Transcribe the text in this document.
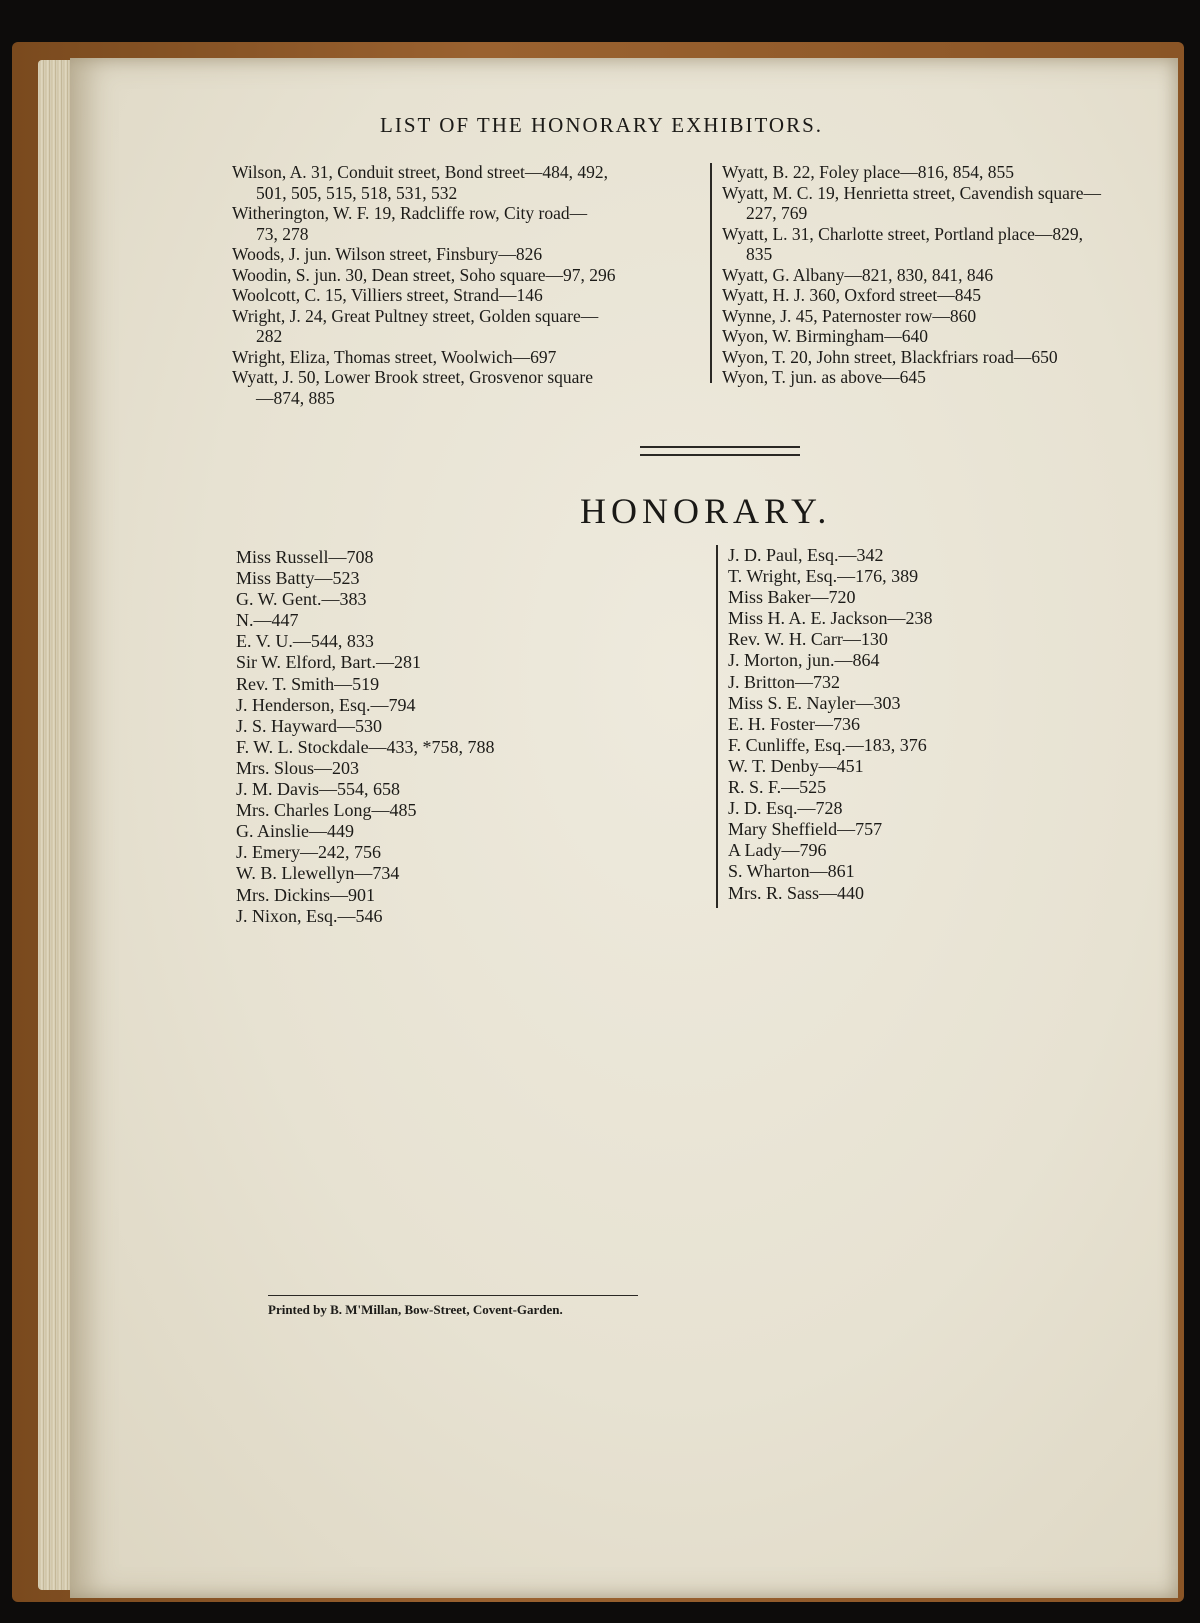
LIST OF THE HONORARY EXHIBITORS.
Wilson, A. 31, Conduit street, Bond street—484, 492,
501, 505, 515, 518, 531, 532
Witherington, W. F. 19, Radcliffe row, City road—
73, 278
Woods, J. jun. Wilson street, Finsbury—826
Woodin, S. jun. 30, Dean street, Soho square—97, 296
Woolcott, C. 15, Villiers street, Strand—146
Wright, J. 24, Great Pultney street, Golden square—
282
Wright, Eliza, Thomas street, Woolwich—697
Wyatt, J. 50, Lower Brook street, Grosvenor square
—874, 885
Wyatt, B. 22, Foley place—816, 854, 855
Wyatt, M. C. 19, Henrietta street, Cavendish square—
227, 769
Wyatt, L. 31, Charlotte street, Portland place—829,
835
Wyatt, G. Albany—821, 830, 841, 846
Wyatt, H. J. 360, Oxford street—845
Wynne, J. 45, Paternoster row—860
Wyon, W. Birmingham—640
Wyon, T. 20, John street, Blackfriars road—650
Wyon, T. jun. as above—645
HONORARY.
Miss Russell—708
Miss Batty—523
G. W. Gent.—383
N.—447
E. V. U.—544, 833
Sir W. Elford, Bart.—281
Rev. T. Smith—519
J. Henderson, Esq.—794
J. S. Hayward—530
F. W. L. Stockdale—433, *758, 788
Mrs. Slous—203
J. M. Davis—554, 658
Mrs. Charles Long—485
G. Ainslie—449
J. Emery—242, 756
W. B. Llewellyn—734
Mrs. Dickins—901
J. Nixon, Esq.—546
J. D. Paul, Esq.—342
T. Wright, Esq.—176, 389
Miss Baker—720
Miss H. A. E. Jackson—238
Rev. W. H. Carr—130
J. Morton, jun.—864
J. Britton—732
Miss S. E. Nayler—303
E. H. Foster—736
F. Cunliffe, Esq.—183, 376
W. T. Denby—451
R. S. F.—525
J. D. Esq.—728
Mary Sheffield—757
A Lady—796
S. Wharton—861
Mrs. R. Sass—440
Printed by B. M'Millan, Bow-Street, Covent-Garden.
